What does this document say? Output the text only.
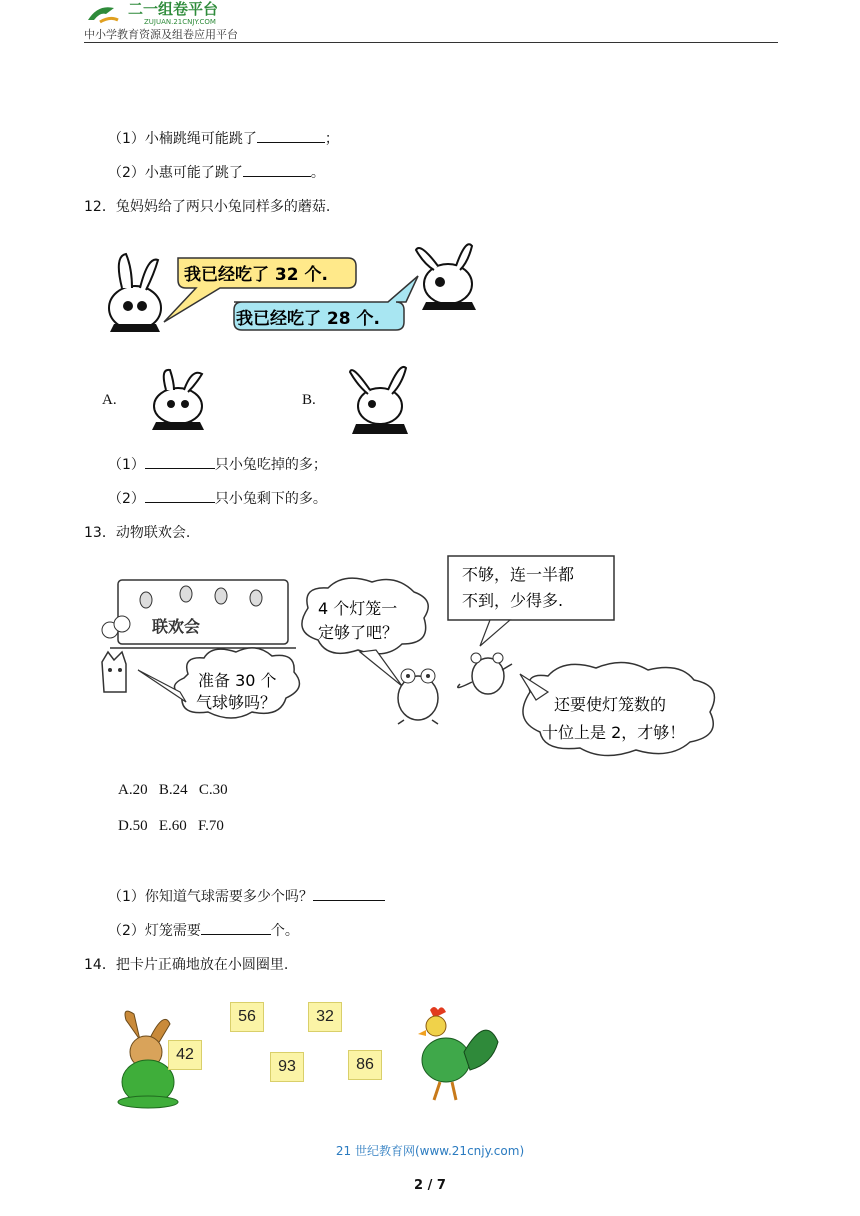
二一组卷平台
ZUJUAN.21CNJY.COM
中小学教育资源及组卷应用平台
（1）小楠跳绳可能跳了	；
（2）小惠可能了跳了	。
12．兔妈妈给了两只小兔同样多的蘑菇.
我已经吃了 32 个.
我已经吃了 28 个.
A.	B.
（1）	只小兔吃掉的多；
（2）	只小兔剩下的多。
13．动物联欢会.
联欢会
准备 30 个
气球够吗？
4 个灯笼一
定够了吧？
不够，连一半都
不到，少得多.
还要使灯笼数的
十位上是 2，才够！
A.20   B.24   C.30
D.50   E.60   F.70
（1）你知道气球需要多少个吗？
（2）灯笼需要	个。
14．把卡片正确地放在小圆圈里.
42
56	32
93	86
21 世纪教育网(www.21cnjy.com)
2 / 7
